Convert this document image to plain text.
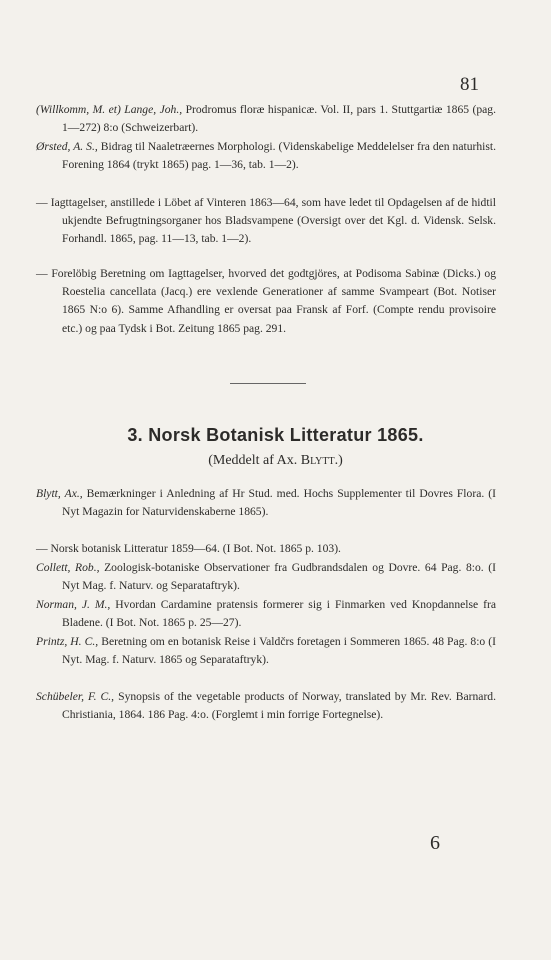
81
(Willkomm, M. et) Lange, Joh., Prodromus floræ hispanicæ. Vol. II, pars 1. Stuttgartiæ 1865 (pag. 1—272) 8:o (Schweizerbart).
Ørsted, A. S., Bidrag til Naaletræernes Morphologi. (Videnskabelige Meddelelser fra den naturhist. Forening 1864 (trykt 1865) pag. 1—36, tab. 1—2).
— Iagttagelser, anstillede i Löbet af Vinteren 1863—64, som have ledet til Opdagelsen af de hidtil ukjendte Befrugtningsorganer hos Bladsvampene (Oversigt over det Kgl. d. Vidensk. Selsk. Forhandl. 1865, pag. 11—13, tab. 1—2).
— Forelöbig Beretning om Iagttagelser, hvorved det godtgjöres, at Podisoma Sabinæ (Dicks.) og Roestelia cancellata (Jacq.) ere vexlende Generationer af samme Svampeart (Bot. Notiser 1865 N:o 6). Samme Afhandling er oversat paa Fransk af Forf. (Compte rendu provisoire etc.) og paa Tydsk i Bot. Zeitung 1865 pag. 291.
3. Norsk Botanisk Litteratur 1865.
(Meddelt af Ax. Blytt.)
Blytt, Ax., Bemærkninger i Anledning af Hr Stud. med. Hochs Supplementer til Dovres Flora. (I Nyt Magazin for Naturvidenskaberne 1865).
— Norsk botanisk Litteratur 1859—64. (I Bot. Not. 1865 p. 103).
Collett, Rob., Zoologisk-botaniske Observationer fra Gudbrandsdalen og Dovre. 64 Pag. 8:o. (I Nyt Mag. f. Naturv. og Separataftryk).
Norman, J. M., Hvordan Cardamine pratensis formerer sig i Finmarken ved Knopdannelse fra Bladene. (I Bot. Not. 1865 p. 25—27).
Printz, H. C., Beretning om en botanisk Reise i Valdčrs foretagen i Sommeren 1865. 48 Pag. 8:o (I Nyt. Mag. f. Naturv. 1865 og Separataftryk).
Schübeler, F. C., Synopsis of the vegetable products of Norway, translated by Mr. Rev. Barnard. Christiania, 1864. 186 Pag. 4:o. (Forglemt i min forrige Fortegnelse).
6
